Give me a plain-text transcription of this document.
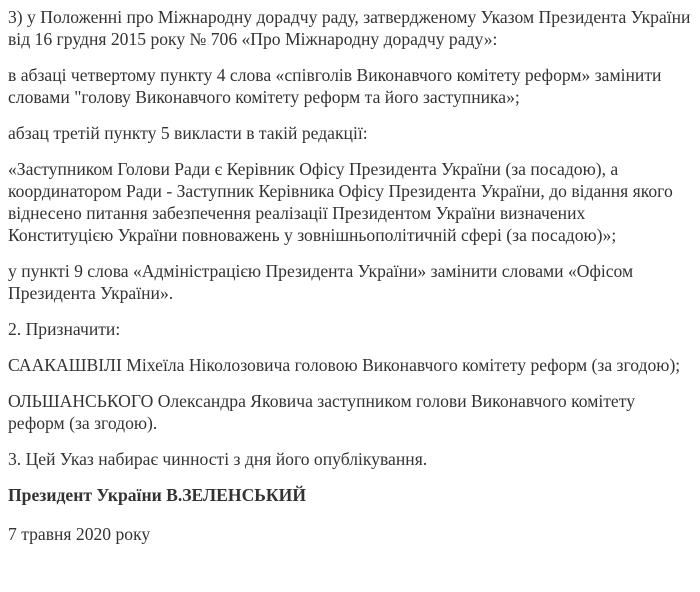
3) у Положенні про Міжнародну дорадчу раду, затвердженому Указом Президента України від 16 грудня 2015 року № 706 «Про Міжнародну дорадчу раду»:

в абзаці четвертому пункту 4 слова «співголів Виконавчого комітету реформ» замінити словами "голову Виконавчого комітету реформ та його заступника»;

абзац третій пункту 5 викласти в такій редакції:

«Заступником Голови Ради є Керівник Офісу Президента України (за посадою), а координатором Ради - Заступник Керівника Офісу Президента України, до відання якого віднесено питання забезпечення реалізації Президентом України визначених Конституцією України повноважень у зовнішньополітичній сфері (за посадою)»;

у пункті 9 слова «Адміністрацією Президента України» замінити словами «Офісом Президента України».

2. Призначити:

СААКАШВІЛІ Міхеїла Ніколозовича головою Виконавчого комітету реформ (за згодою);

ОЛЬШАНСЬКОГО Олександра Яковича заступником голови Виконавчого комітету реформ (за згодою).

3. Цей Указ набирає чинності з дня його опублікування.

Президент України В.ЗЕЛЕНСЬКИЙ

7 травня 2020 року
